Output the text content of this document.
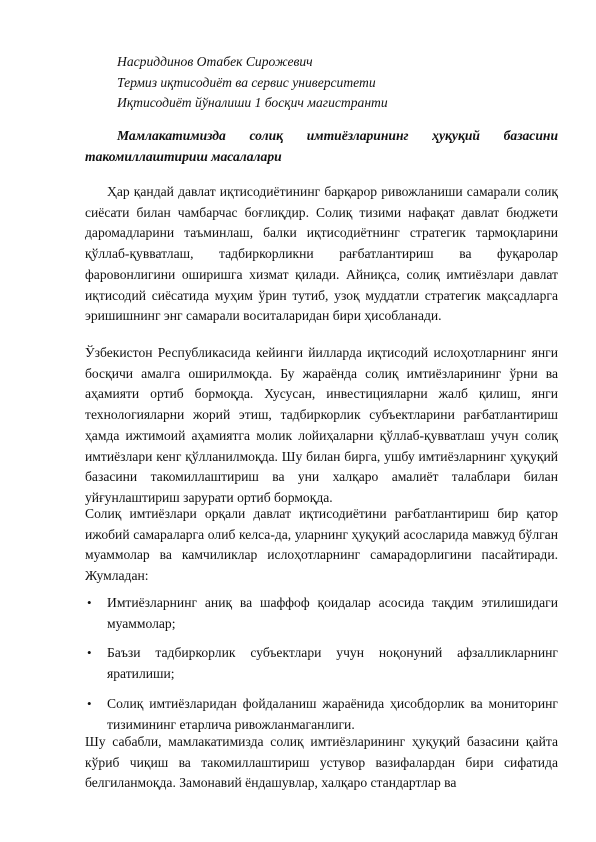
Насриддинов Отабек Сирожевич
Термиз иқтисодиёт ва сервис университети
Иқтисодиёт йўналиши 1 босқич магистранти
Мамлакатимизда солиқ имтиёзларининг ҳуқуқий базасини такомиллаштириш масалалари

Ҳар қандай давлат иқтисодиётининг барқарор ривожланиши самарали солиқ сиёсати билан чамбарчас боғлиқдир. Солиқ тизими нафақат давлат бюджети даромадларини таъминлаш, балки иқтисодиётнинг стратегик тармоқларини қўллаб-қувватлаш, тадбиркорликни рағбатлантириш ва фуқаролар фаровонлигини оширишга хизмат қилади. Айниқса, солиқ имтиёзлари давлат иқтисодий сиёсатида муҳим ўрин тутиб, узоқ муддатли стратегик мақсадларга эришишнинг энг самарали воситаларидан бири ҳисобланади.

Ўзбекистон Республикасида кейинги йилларда иқтисодий ислоҳотларнинг янги босқичи амалга оширилмоқда. Бу жараёнда солиқ имтиёзларининг ўрни ва аҳамияти ортиб бормоқда. Хусусан, инвестицияларни жалб қилиш, янги технологияларни жорий этиш, тадбиркорлик субъектларини рағбатлантириш ҳамда ижтимоий аҳамиятга молик лойиҳаларни қўллаб-қувватлаш учун солиқ имтиёзлари кенг қўлланилмоқда. Шу билан бирга, ушбу имтиёзларнинг ҳуқуқий базасини такомиллаштириш ва уни халқаро амалиёт талаблари билан уйғунлаштириш зарурати ортиб бормоқда.

Солиқ имтиёзлари орқали давлат иқтисодиётини рағбатлантириш бир қатор ижобий самараларга олиб келса-да, уларнинг ҳуқуқий асосларида мавжуд бўлган муаммолар ва камчиликлар ислоҳотларнинг самарадорлигини пасайтиради. Жумладан:

• Имтиёзларнинг аниқ ва шаффоф қоидалар асосида тақдим этилишидаги муаммолар;
• Баъзи тадбиркорлик субъектлари учун ноқонуний афзалликларнинг яратилиши;
• Солиқ имтиёзларидан фойдаланиш жараёнида ҳисобдорлик ва мониторинг тизимининг етарлича ривожланмаганлиги.

Шу сабабли, мамлакатимизда солиқ имтиёзларининг ҳуқуқий базасини қайта кўриб чиқиш ва такомиллаштириш устувор вазифалардан бири сифатида белгиланмоқда. Замонавий ёндашувлар, халқаро стандартлар ва
